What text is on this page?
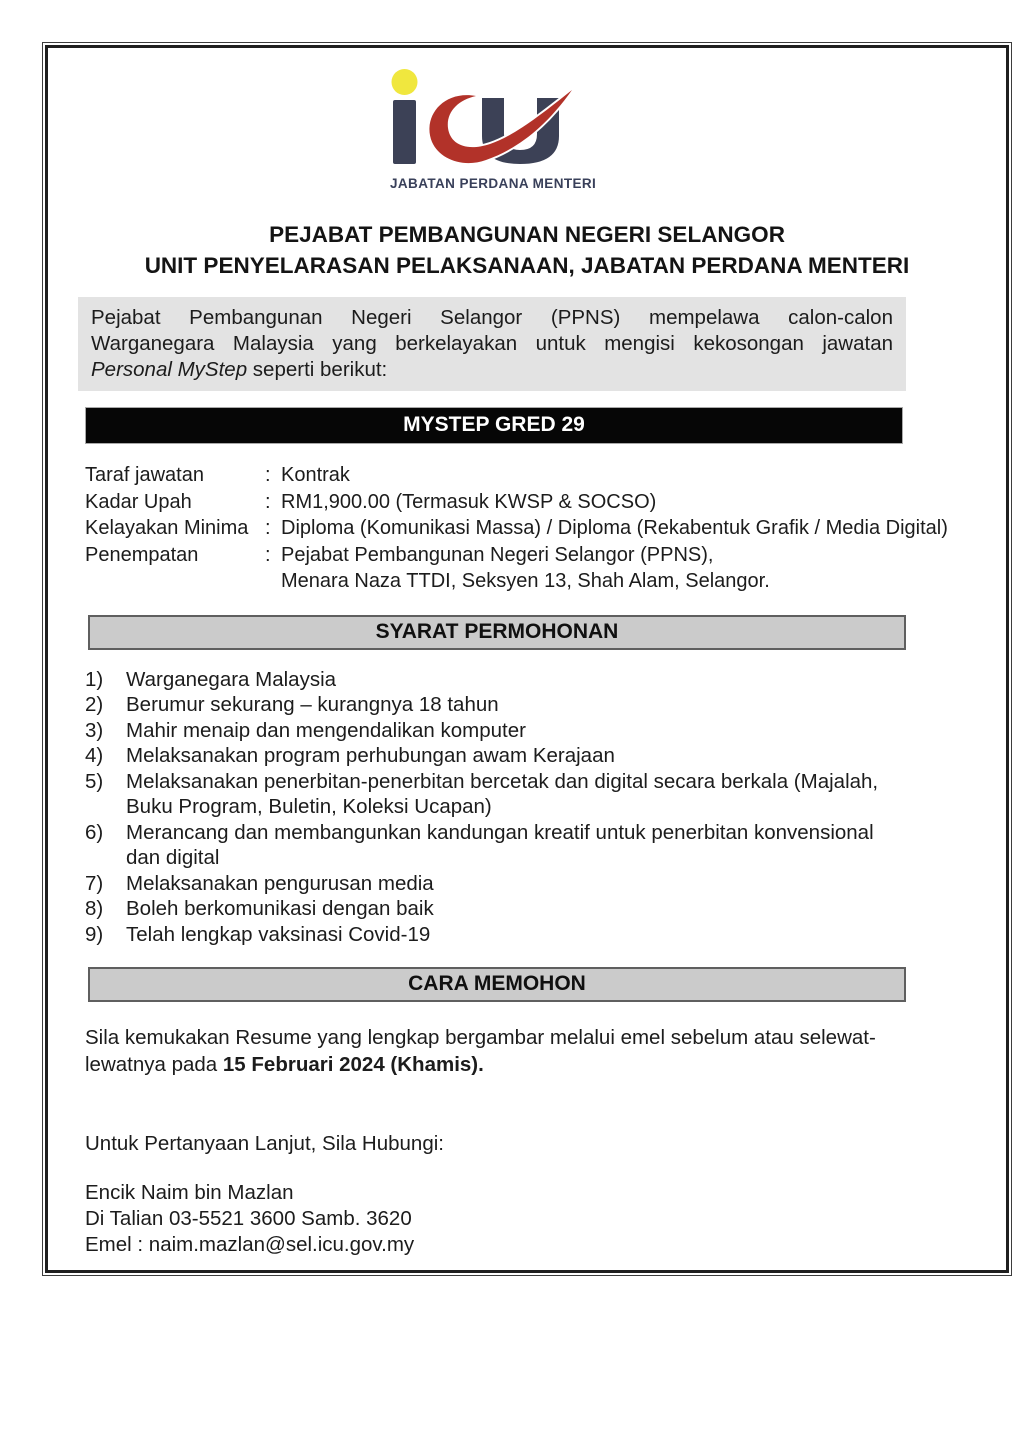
JABATAN PERDANA MENTERI
PEJABAT PEMBANGUNAN NEGERI SELANGOR
UNIT PENYELARASAN PELAKSANAAN, JABATAN PERDANA MENTERI
Pejabat Pembangunan Negeri Selangor (PPNS) mempelawa calon-calon
Warganegara Malaysia yang berkelayakan untuk mengisi kekosongan jawatan
Personal MyStep seperti berikut:
MYSTEP GRED 29
Taraf jawatan	: Kontrak
Kadar Upah	: RM1,900.00 (Termasuk KWSP & SOCSO)
Kelayakan Minima : Diploma (Komunikasi Massa) / Diploma (Rekabentuk Grafik / Media Digital)
Penempatan	: Pejabat Pembangunan Negeri Selangor (PPNS),
Menara Naza TTDI, Seksyen 13, Shah Alam, Selangor.
SYARAT PERMOHONAN
1)	Warganegara Malaysia
2)	Berumur sekurang – kurangnya 18 tahun
3)	Mahir menaip dan mengendalikan komputer
4)	Melaksanakan program perhubungan awam Kerajaan
5)	Melaksanakan penerbitan-penerbitan bercetak dan digital secara berkala (Majalah,
Buku Program, Buletin, Koleksi Ucapan)
6)	Merancang dan membangunkan kandungan kreatif untuk penerbitan konvensional
dan digital
7)	Melaksanakan pengurusan media
8)	Boleh berkomunikasi dengan baik
9)	Telah lengkap vaksinasi Covid-19
CARA MEMOHON
Sila kemukakan Resume yang lengkap bergambar melalui emel sebelum atau selewat-
lewatnya pada 15 Februari 2024 (Khamis).
Untuk Pertanyaan Lanjut, Sila Hubungi:
Encik Naim bin Mazlan
Di Talian 03-5521 3600 Samb. 3620
Emel : naim.mazlan@sel.icu.gov.my
